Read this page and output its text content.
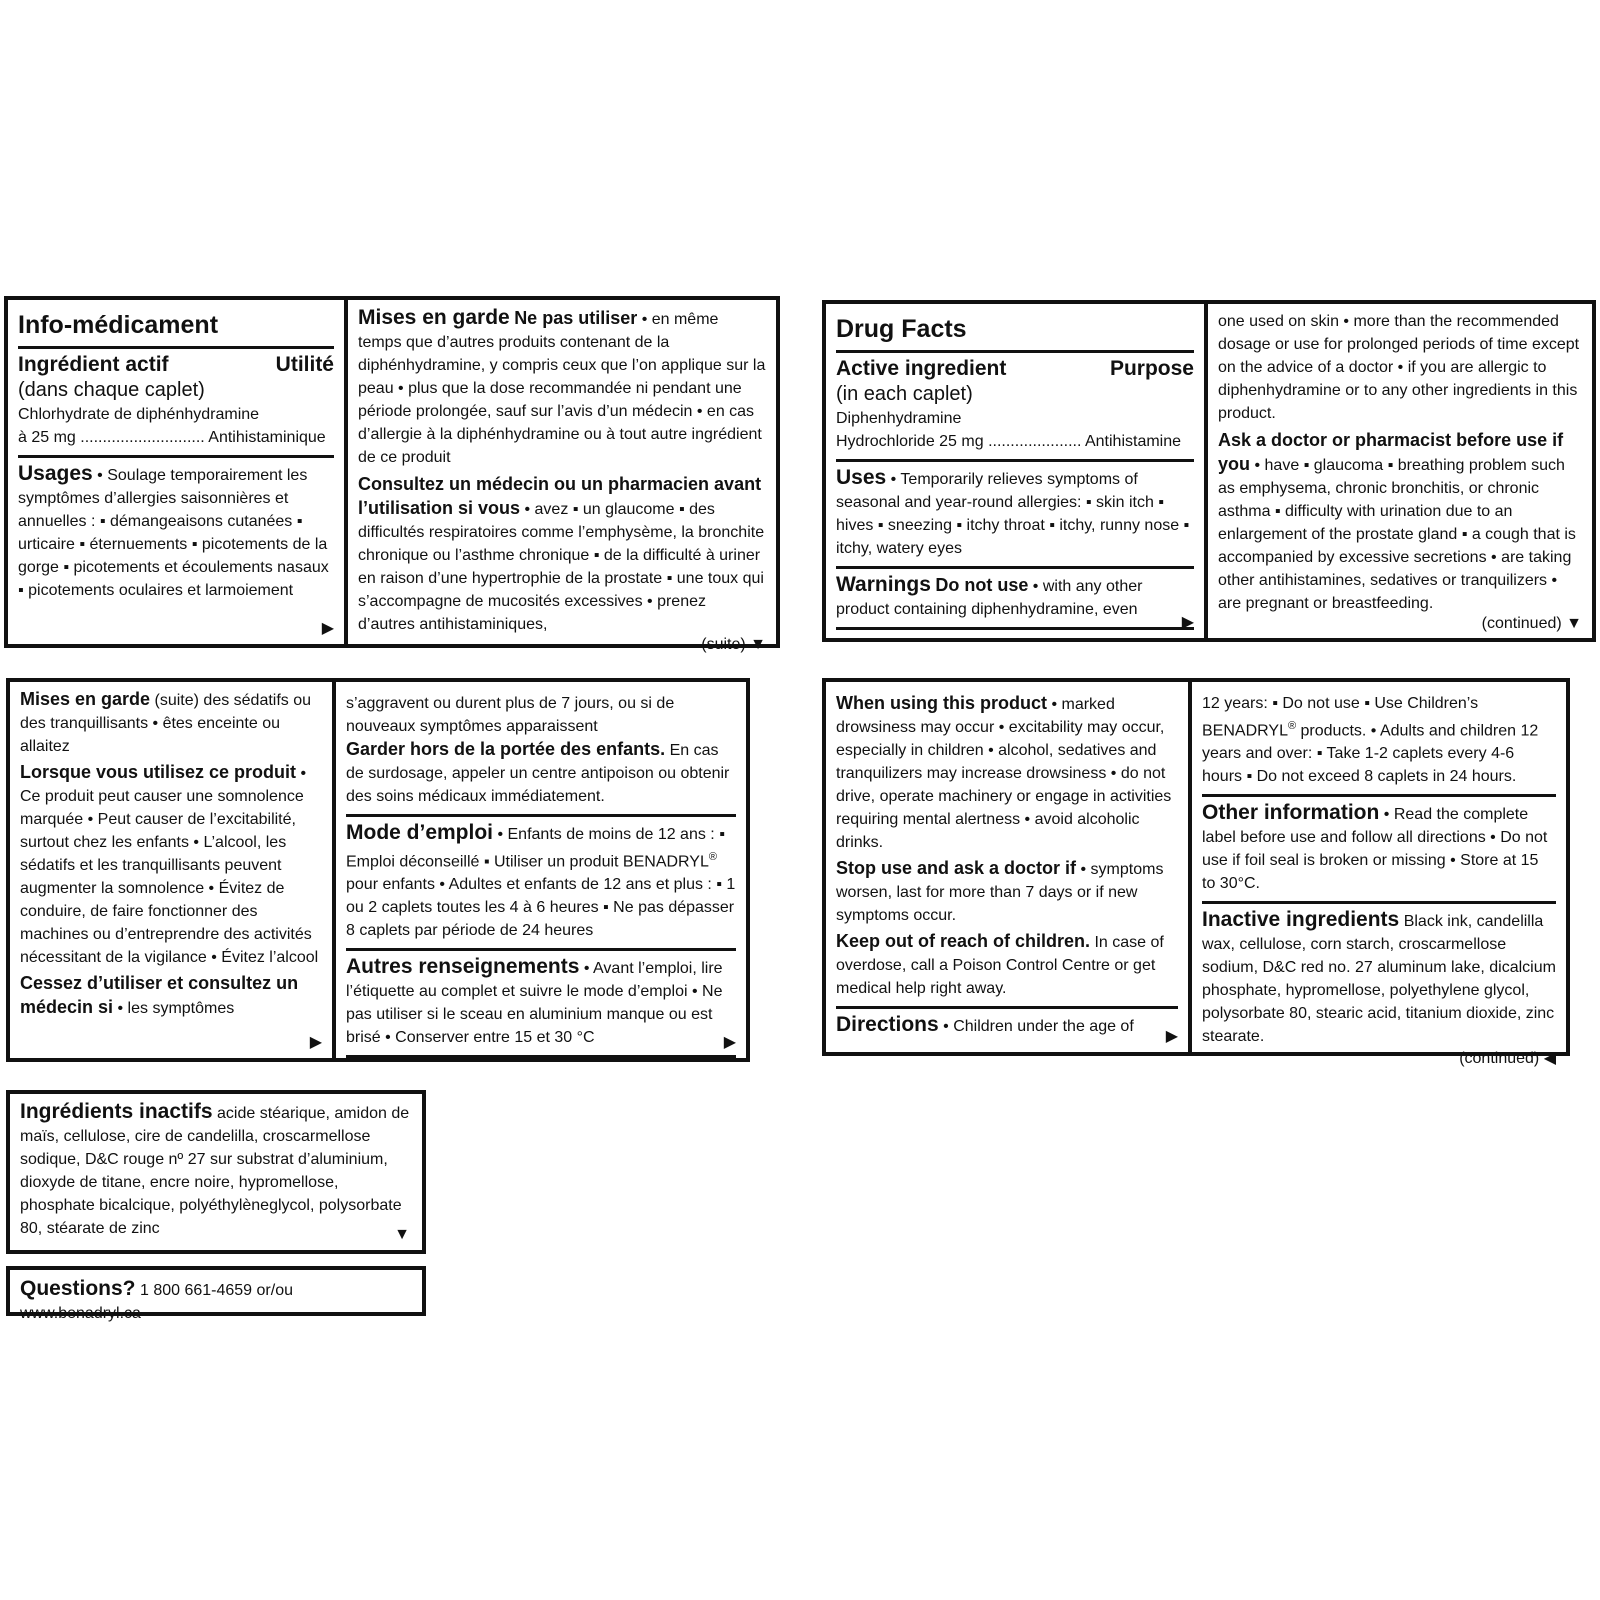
Info-médicament

Ingrédient actif	Utilité

(dans chaque caplet)

Chlorhydrate de diphénhydramine

à 25 mg ............................ Antihistaminique

Usages • Soulage temporairement les symptômes d’allergies saisonnières et annuelles : ▪ démangeaisons cutanées ▪ urticaire ▪ éternuements ▪ picotements de la gorge ▪ picotements et écoulements nasaux ▪ picotements oculaires et larmoiement

▶

Mises en garde Ne pas utiliser • en même temps que d’autres produits contenant de la diphénhydramine, y compris ceux que l’on applique sur la peau • plus que la dose recommandée ni pendant une période prolongée, sauf sur l’avis d’un médecin • en cas d’allergie à la diphénhydramine ou à tout autre ingrédient de ce produit

Consultez un médecin ou un pharmacien avant l’utilisation si vous • avez ▪ un glaucome ▪ des difficultés respiratoires comme l’emphysème, la bronchite chronique ou l’asthme chronique ▪ de la difficulté à uriner en raison d’une hypertrophie de la prostate ▪ une toux qui s’accompagne de mucosités excessives • prenez d’autres antihistaminiques,

(suite) ▼

Drug Facts

Active ingredient	Purpose

(in each caplet)

Diphenhydramine

Hydrochloride 25 mg ..................... Antihistamine

Uses • Temporarily relieves symptoms of seasonal and year-round allergies: ▪ skin itch ▪ hives ▪ sneezing ▪ itchy throat ▪ itchy, runny nose ▪ itchy, watery eyes

Warnings Do not use • with any other product containing diphenhydramine, even

▶

one used on skin • more than the recommended dosage or use for prolonged periods of time except on the advice of a doctor • if you are allergic to diphenhydramine or to any other ingredients in this product.

Ask a doctor or pharmacist before use if you • have ▪ glaucoma ▪ breathing problem such as emphysema, chronic bronchitis, or chronic asthma ▪ difficulty with urination due to an enlargement of the prostate gland ▪ a cough that is accompanied by excessive secretions • are taking other antihistamines, sedatives or tranquilizers • are pregnant or breastfeeding.

(continued) ▼

Mises en garde (suite) des sédatifs ou des tranquillisants • êtes enceinte ou allaitez

Lorsque vous utilisez ce produit • Ce produit peut causer une somnolence marquée • Peut causer de l’excitabilité, surtout chez les enfants • L’alcool, les sédatifs et les tranquillisants peuvent augmenter la somnolence • Évitez de conduire, de faire fonctionner des machines ou d’entreprendre des activités nécessitant de la vigilance • Évitez l’alcool

Cessez d’utiliser et consultez un médecin si • les symptômes

▶

s’aggravent ou durent plus de 7 jours, ou si de nouveaux symptômes apparaissent

Garder hors de la portée des enfants. En cas de surdosage, appeler un centre antipoison ou obtenir des soins médicaux immédiatement.

Mode d’emploi • Enfants de moins de 12 ans : ▪ Emploi déconseillé ▪ Utiliser un produit BENADRYL® pour enfants • Adultes et enfants de 12 ans et plus : ▪ 1 ou 2 caplets toutes les 4 à 6 heures ▪ Ne pas dépasser 8 caplets par période de 24 heures

Autres renseignements • Avant l’emploi, lire l’étiquette au complet et suivre le mode d’emploi • Ne pas utiliser si le sceau en aluminium manque ou est brisé • Conserver entre 15 et 30 °C	▶

When using this product • marked drowsiness may occur • excitability may occur, especially in children • alcohol, sedatives and tranquilizers may increase drowsiness • do not drive, operate machinery or engage in activities requiring mental alertness • avoid alcoholic drinks.

Stop use and ask a doctor if • symptoms worsen, last for more than 7 days or if new symptoms occur.

Keep out of reach of children. In case of overdose, call a Poison Control Centre or get medical help right away.

Directions • Children under the age of

▶

12 years: ▪ Do not use ▪ Use Children’s BENADRYL® products. • Adults and children 12 years and over: ▪ Take 1-2 caplets every 4-6 hours ▪ Do not exceed 8 caplets in 24 hours.

Other information • Read the complete label before use and follow all directions • Do not use if foil seal is broken or missing • Store at 15 to 30°C.

Inactive ingredients Black ink, candelilla wax, cellulose, corn starch, croscarmellose sodium, D&C red no. 27 aluminum lake, dicalcium phosphate, hypromellose, polyethylene glycol, polysorbate 80, stearic acid, titanium dioxide, zinc stearate.

(continued) ◀

Ingrédients inactifs acide stéarique, amidon de maïs, cellulose, cire de candelilla, croscarmellose sodique, D&C rouge nº 27 sur substrat d’aluminium, dioxyde de titane, encre noire, hypromellose, phosphate bicalcique, polyéthylèneglycol, polysorbate 80, stéarate de zinc	▼

Questions? 1 800 661-4659 or/ou www.benadryl.ca
